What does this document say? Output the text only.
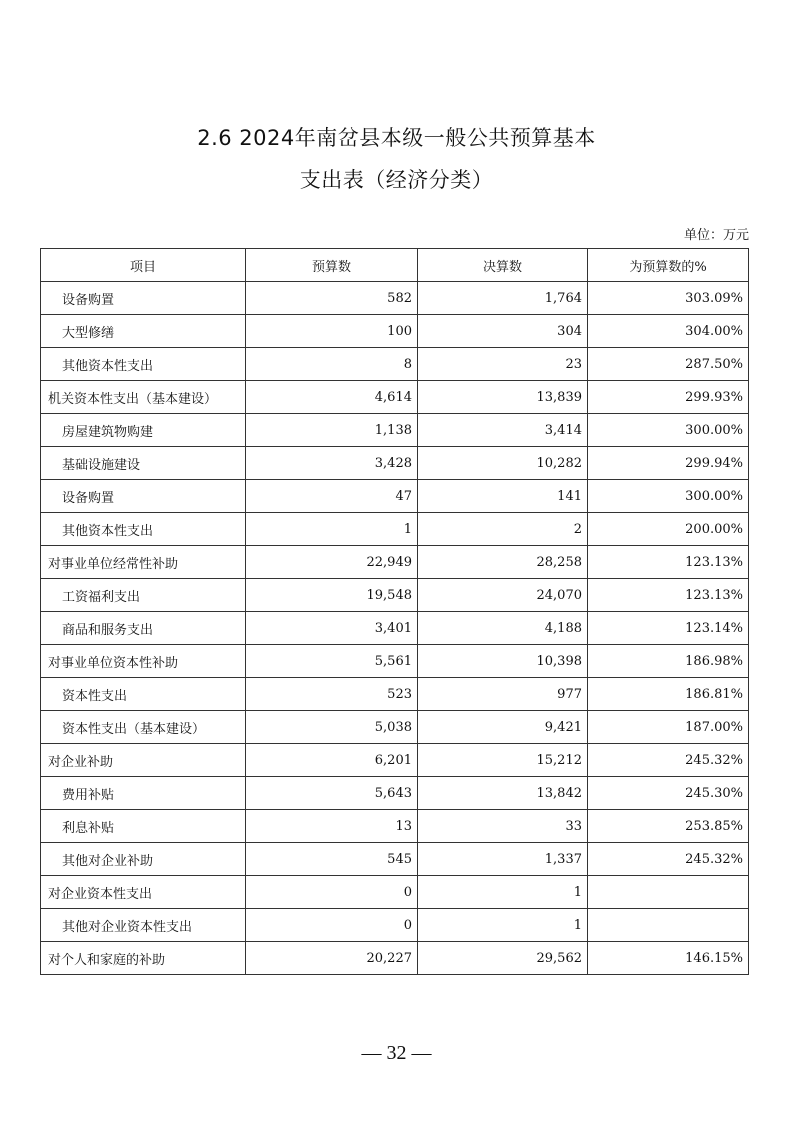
2.6 2024年南岔县本级一般公共预算基本
支出表（经济分类）
单位：万元
项目	预算数	决算数	为预算数的%
设备购置	582	1,764	303.09%
大型修缮	100	304	304.00%
其他资本性支出	8	23	287.50%
机关资本性支出（基本建设）	4,614	13,839	299.93%
房屋建筑物购建	1,138	3,414	300.00%
基础设施建设	3,428	10,282	299.94%
设备购置	47	141	300.00%
其他资本性支出	1	2	200.00%
对事业单位经常性补助	22,949	28,258	123.13%
工资福利支出	19,548	24,070	123.13%
商品和服务支出	3,401	4,188	123.14%
对事业单位资本性补助	5,561	10,398	186.98%
资本性支出	523	977	186.81%
资本性支出（基本建设）	5,038	9,421	187.00%
对企业补助	6,201	15,212	245.32%
费用补贴	5,643	13,842	245.30%
利息补贴	13	33	253.85%
其他对企业补助	545	1,337	245.32%
对企业资本性支出	0	1	
其他对企业资本性支出	0	1	
对个人和家庭的补助	20,227	29,562	146.15%
— 32 —
